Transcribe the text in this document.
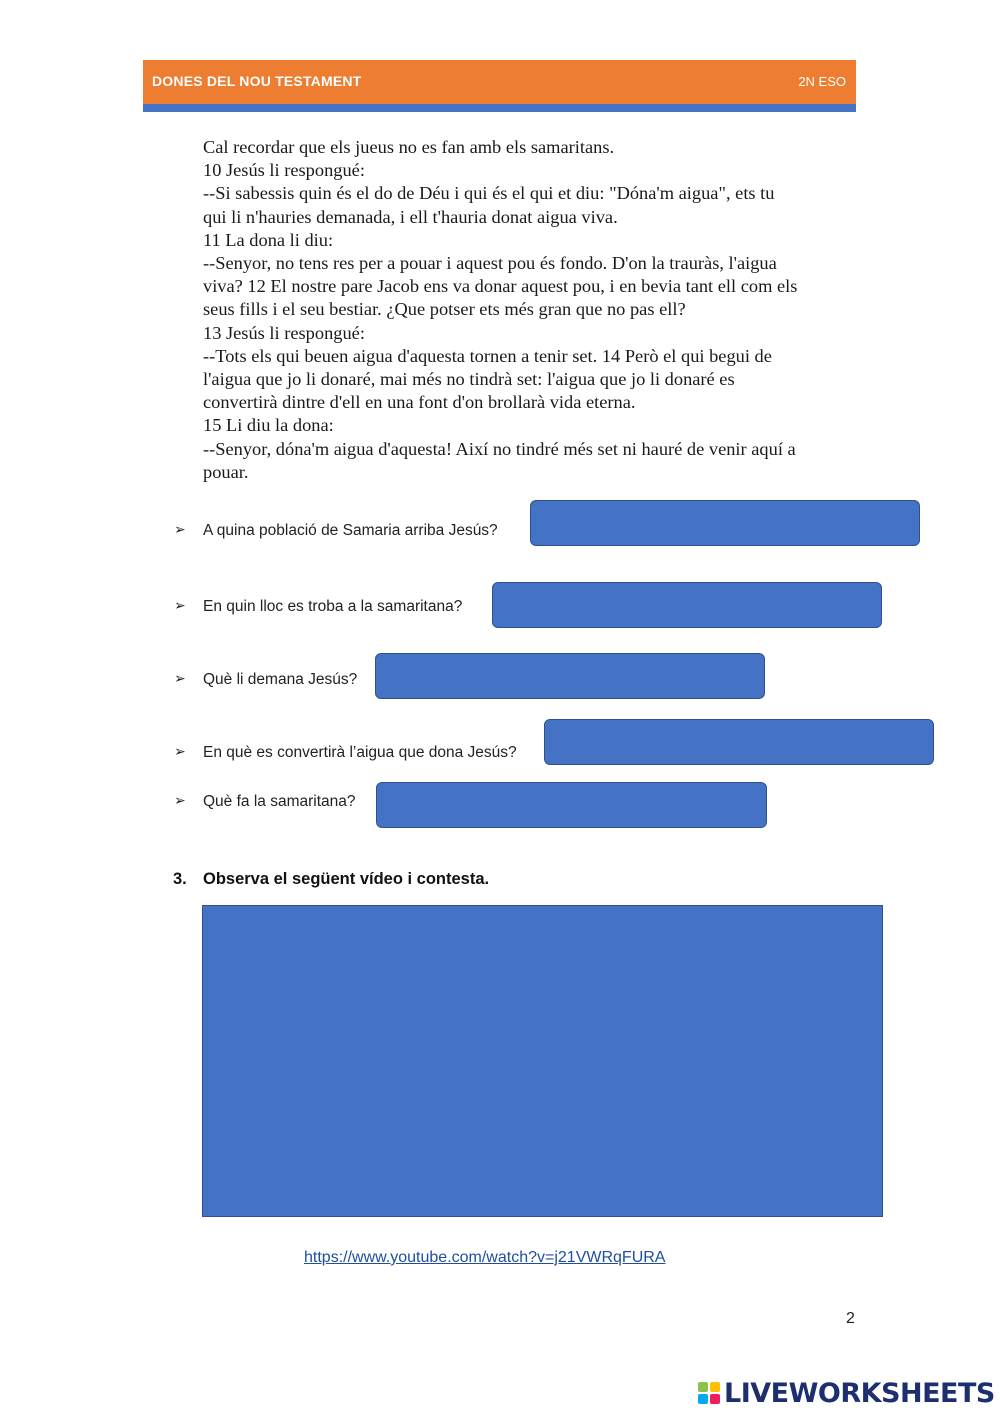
DONES DEL NOU TESTAMENT	2N ESO
Cal recordar que els jueus no es fan amb els samaritans.
10 Jesús li respongué:
--Si sabessis quin és el do de Déu i qui és el qui et diu: "Dóna'm aigua", ets tu
qui li n'hauries demanada, i ell t'hauria donat aigua viva.
11 La dona li diu:
--Senyor, no tens res per a pouar i aquest pou és fondo. D'on la trauràs, l'aigua
viva? 12 El nostre pare Jacob ens va donar aquest pou, i en bevia tant ell com els
seus fills i el seu bestiar. ¿Que potser ets més gran que no pas ell?
13 Jesús li respongué:
--Tots els qui beuen aigua d'aquesta tornen a tenir set. 14 Però el qui begui de
l'aigua que jo li donaré, mai més no tindrà set: l'aigua que jo li donaré es
convertirà dintre d'ell en una font d'on brollarà vida eterna.
15 Li diu la dona:
--Senyor, dóna'm aigua d'aquesta! Així no tindré més set ni hauré de venir aquí a
pouar.
➢ A quina població de Samaria arriba Jesús?
➢ En quin lloc es troba a la samaritana?
➢ Què li demana Jesús?
➢ En què es convertirà l’aigua que dona Jesús?
➢ Què fa la samaritana?
3. Observa el següent vídeo i contesta.
https://www.youtube.com/watch?v=j21VWRqFURA
2
LIVEWORKSHEETS
